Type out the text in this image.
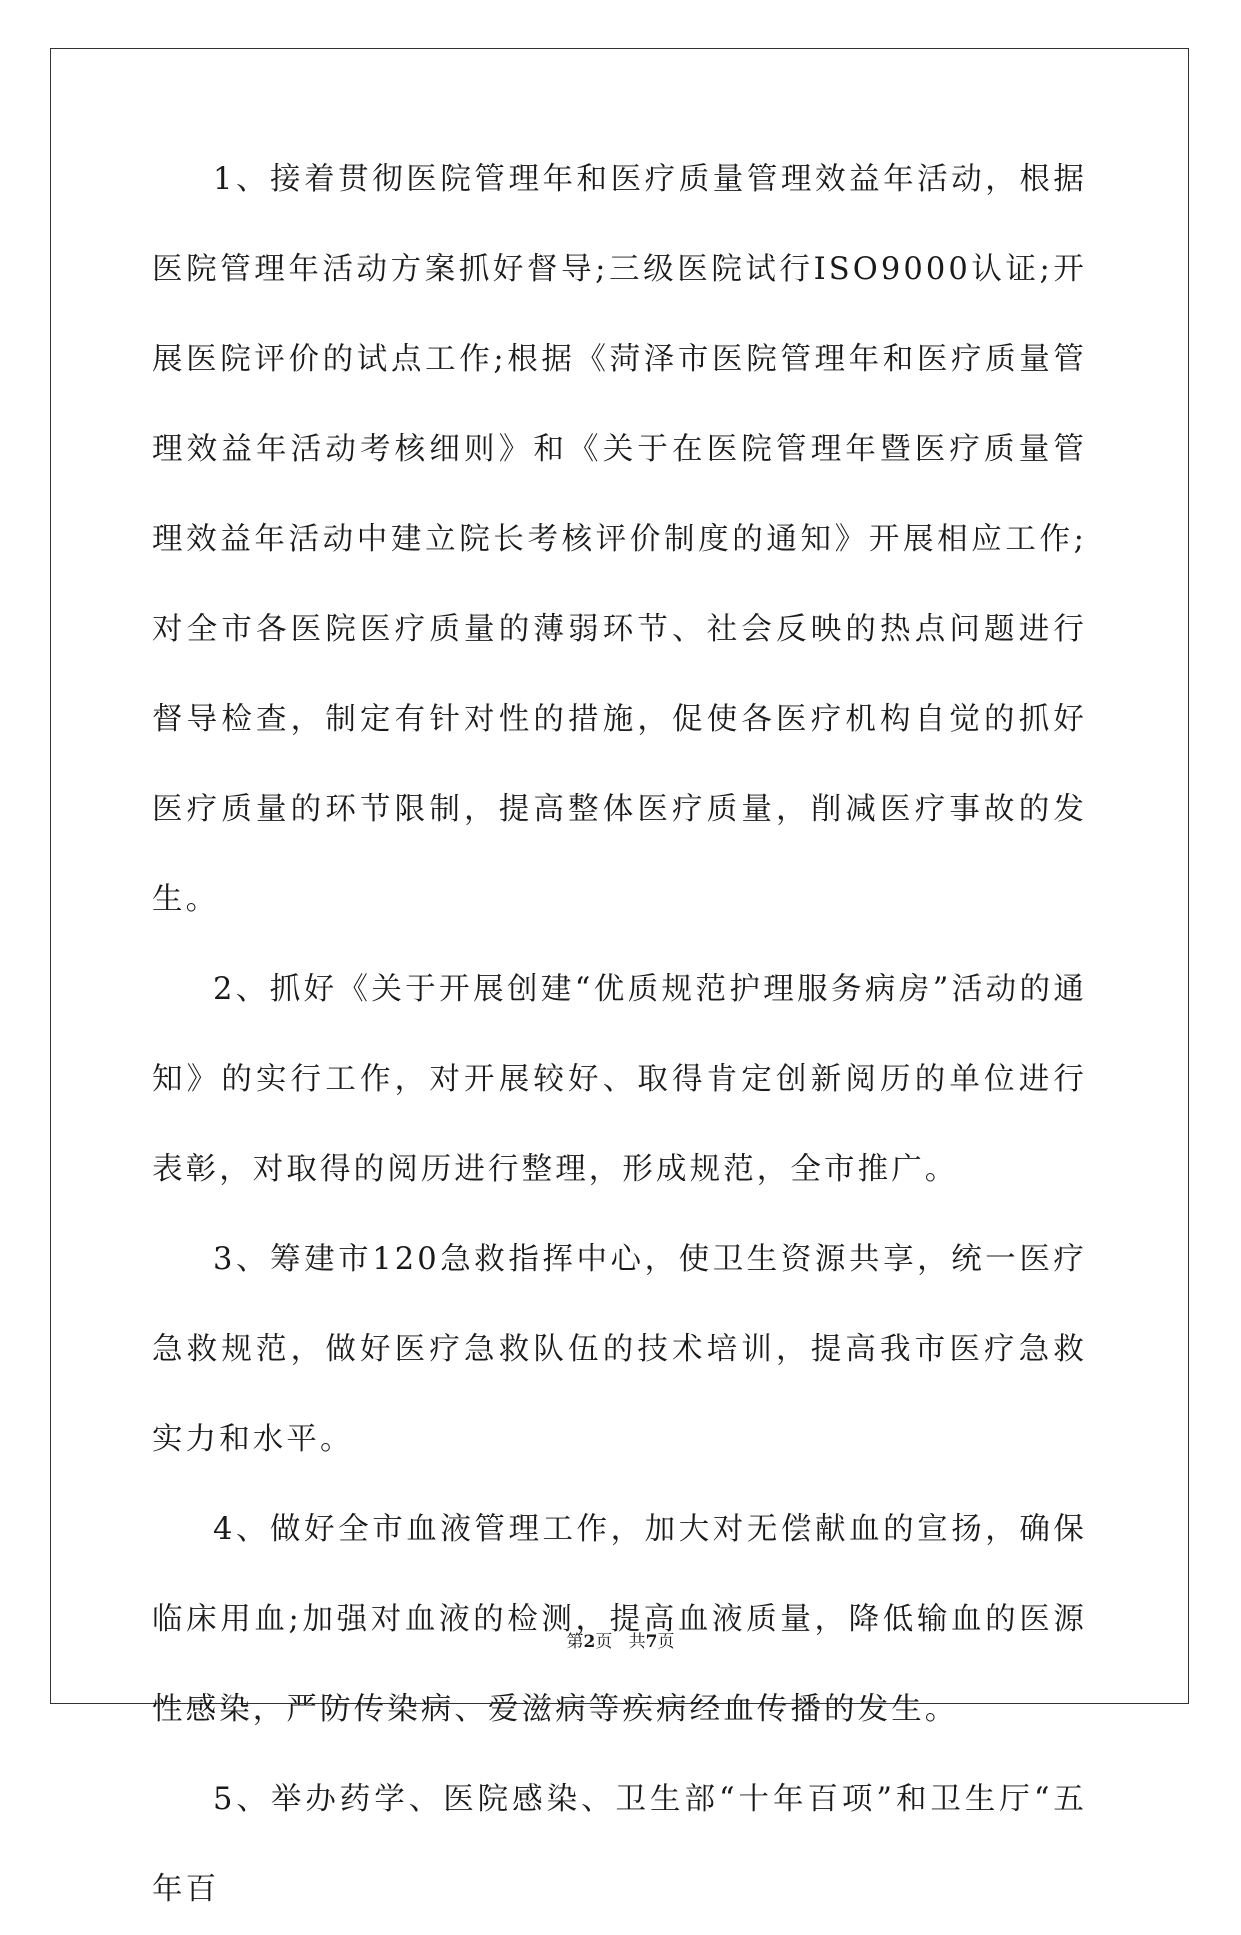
1、接着贯彻医院管理年和医疗质量管理效益年活动，根据医院管理年活动方案抓好督导;三级医院试行ISO9000认证;开展医院评价的试点工作;根据《菏泽市医院管理年和医疗质量管理效益年活动考核细则》和《关于在医院管理年暨医疗质量管理效益年活动中建立院长考核评价制度的通知》开展相应工作;对全市各医院医疗质量的薄弱环节、社会反映的热点问题进行督导检查，制定有针对性的措施，促使各医疗机构自觉的抓好医疗质量的环节限制，提高整体医疗质量，削减医疗事故的发生。

2、抓好《关于开展创建“优质规范护理服务病房”活动的通知》的实行工作，对开展较好、取得肯定创新阅历的单位进行表彰，对取得的阅历进行整理，形成规范，全市推广。

3、筹建市120急救指挥中心，使卫生资源共享，统一医疗急救规范，做好医疗急救队伍的技术培训，提高我市医疗急救实力和水平。

4、做好全市血液管理工作，加大对无偿献血的宣扬，确保临床用血;加强对血液的检测，提高血液质量，降低输血的医源性感染，严防传染病、爱滋病等疾病经血传播的发生。

5、举办药学、医院感染、卫生部“十年百项”和卫生厅“五年百

第2页 共7页
